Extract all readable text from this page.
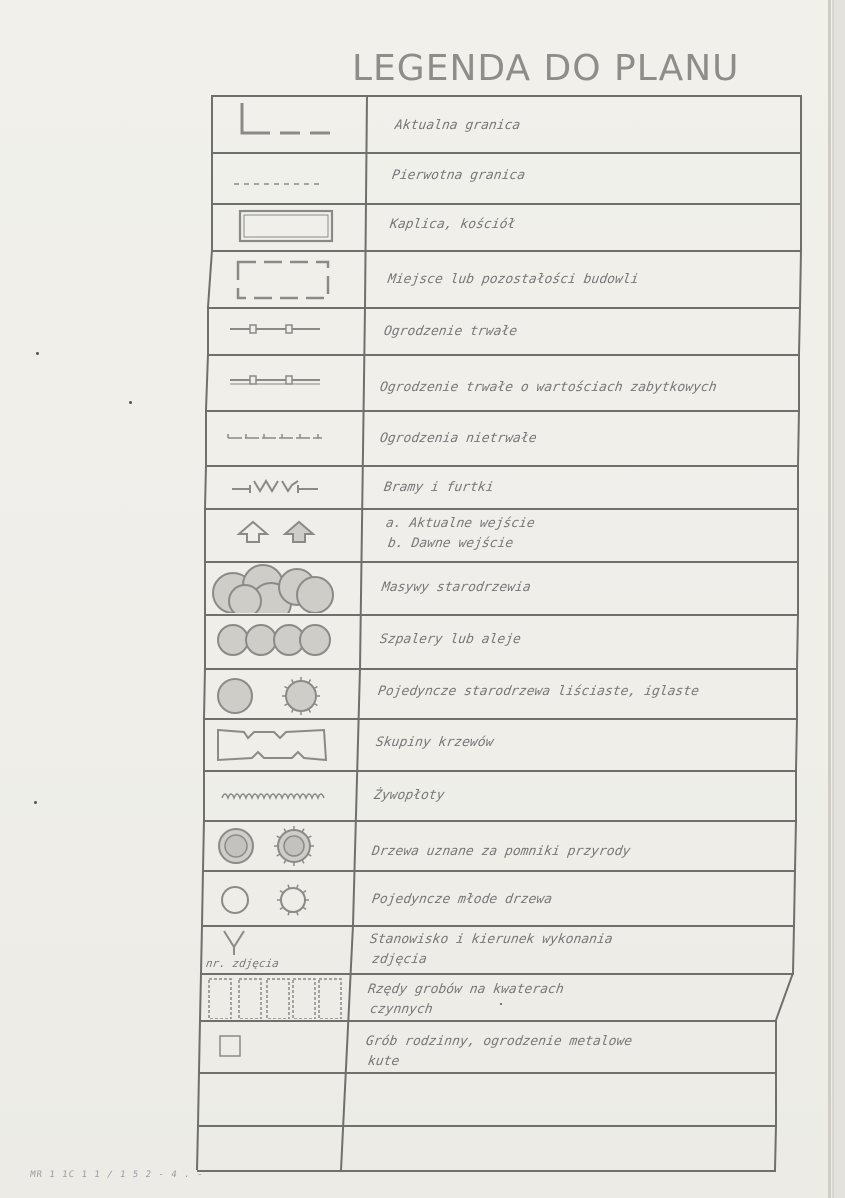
LEGENDA DO PLANU
Aktualna granica
Pierwotna granica
Kaplica, kościół
Miejsce lub pozostałości budowli
Ogrodzenie trwałe
Ogrodzenie trwałe o wartościach zabytkowych
Ogrodzenia nietrwałe
Bramy i furtki
a. Aktualne wejście
b. Dawne wejście
Masywy starodrzewia
Szpalery lub aleje
Pojedyncze starodrzewa liściaste, iglaste
Skupiny krzewów
Żywopłoty
Drzewa uznane za pomniki przyrody
Pojedyncze młode drzewa
nr. zdjęcia
Stanowisko i kierunek wykonania
zdjęcia
Rzędy grobów na kwaterach
czynnych
Grób rodzinny, ogrodzenie metalowe
kute
MR 1 1C 1 1 / 1 5 2 - 4 . -
